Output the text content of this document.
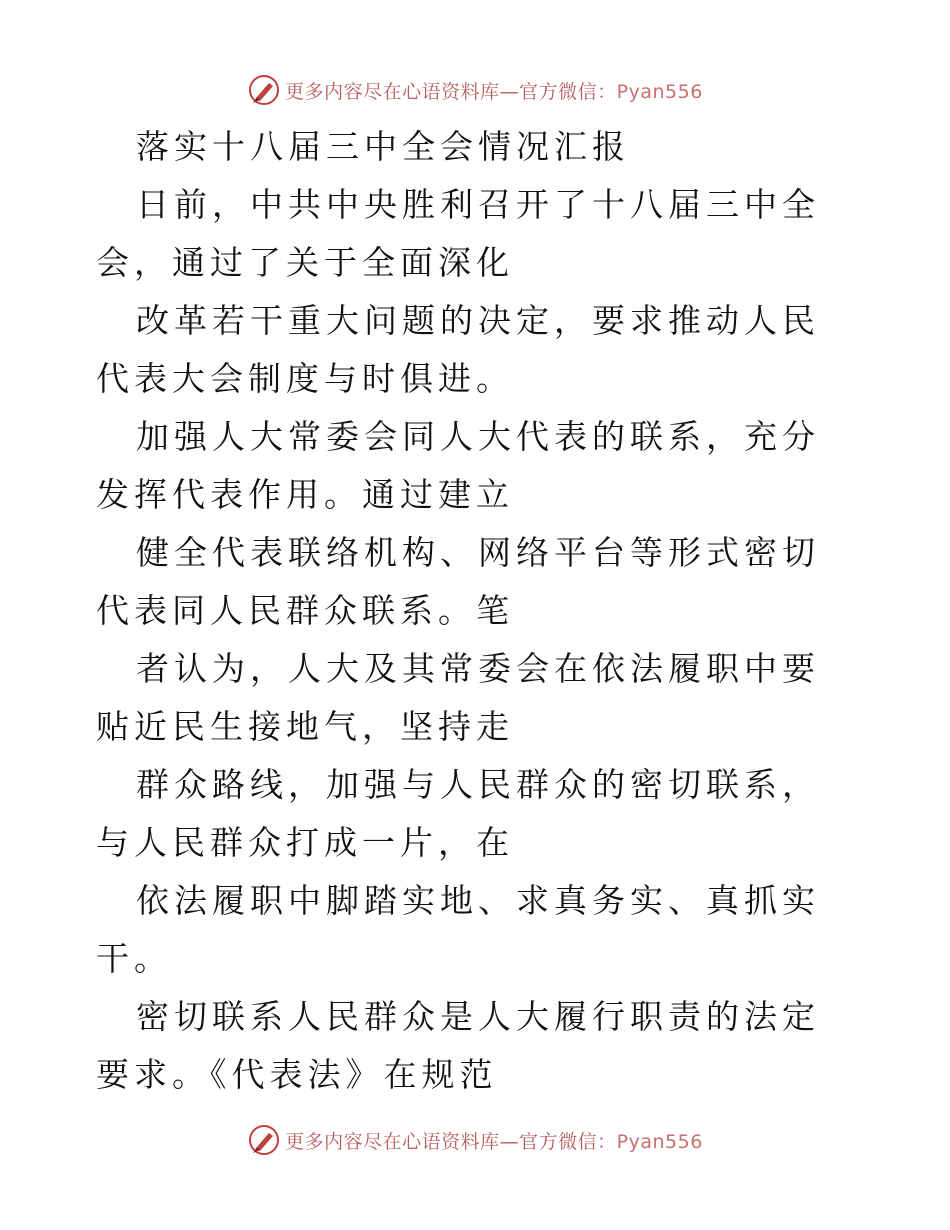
更多内容尽在心语资料库—官方微信：Pyan556

落实十八届三中全会情况汇报

日前，中共中央胜利召开了十八届三中全会，通过了关于全面深化

改革若干重大问题的决定，要求推动人民代表大会制度与时俱进。

加强人大常委会同人大代表的联系，充分发挥代表作用。通过建立

健全代表联络机构、网络平台等形式密切代表同人民群众联系。笔

者认为，人大及其常委会在依法履职中要贴近民生接地气，坚持走

群众路线，加强与人民群众的密切联系，与人民群众打成一片，在

依法履职中脚踏实地、求真务实、真抓实干。

密切联系人民群众是人大履行职责的法定要求。《代表法》在规范

更多内容尽在心语资料库—官方微信：Pyan556
